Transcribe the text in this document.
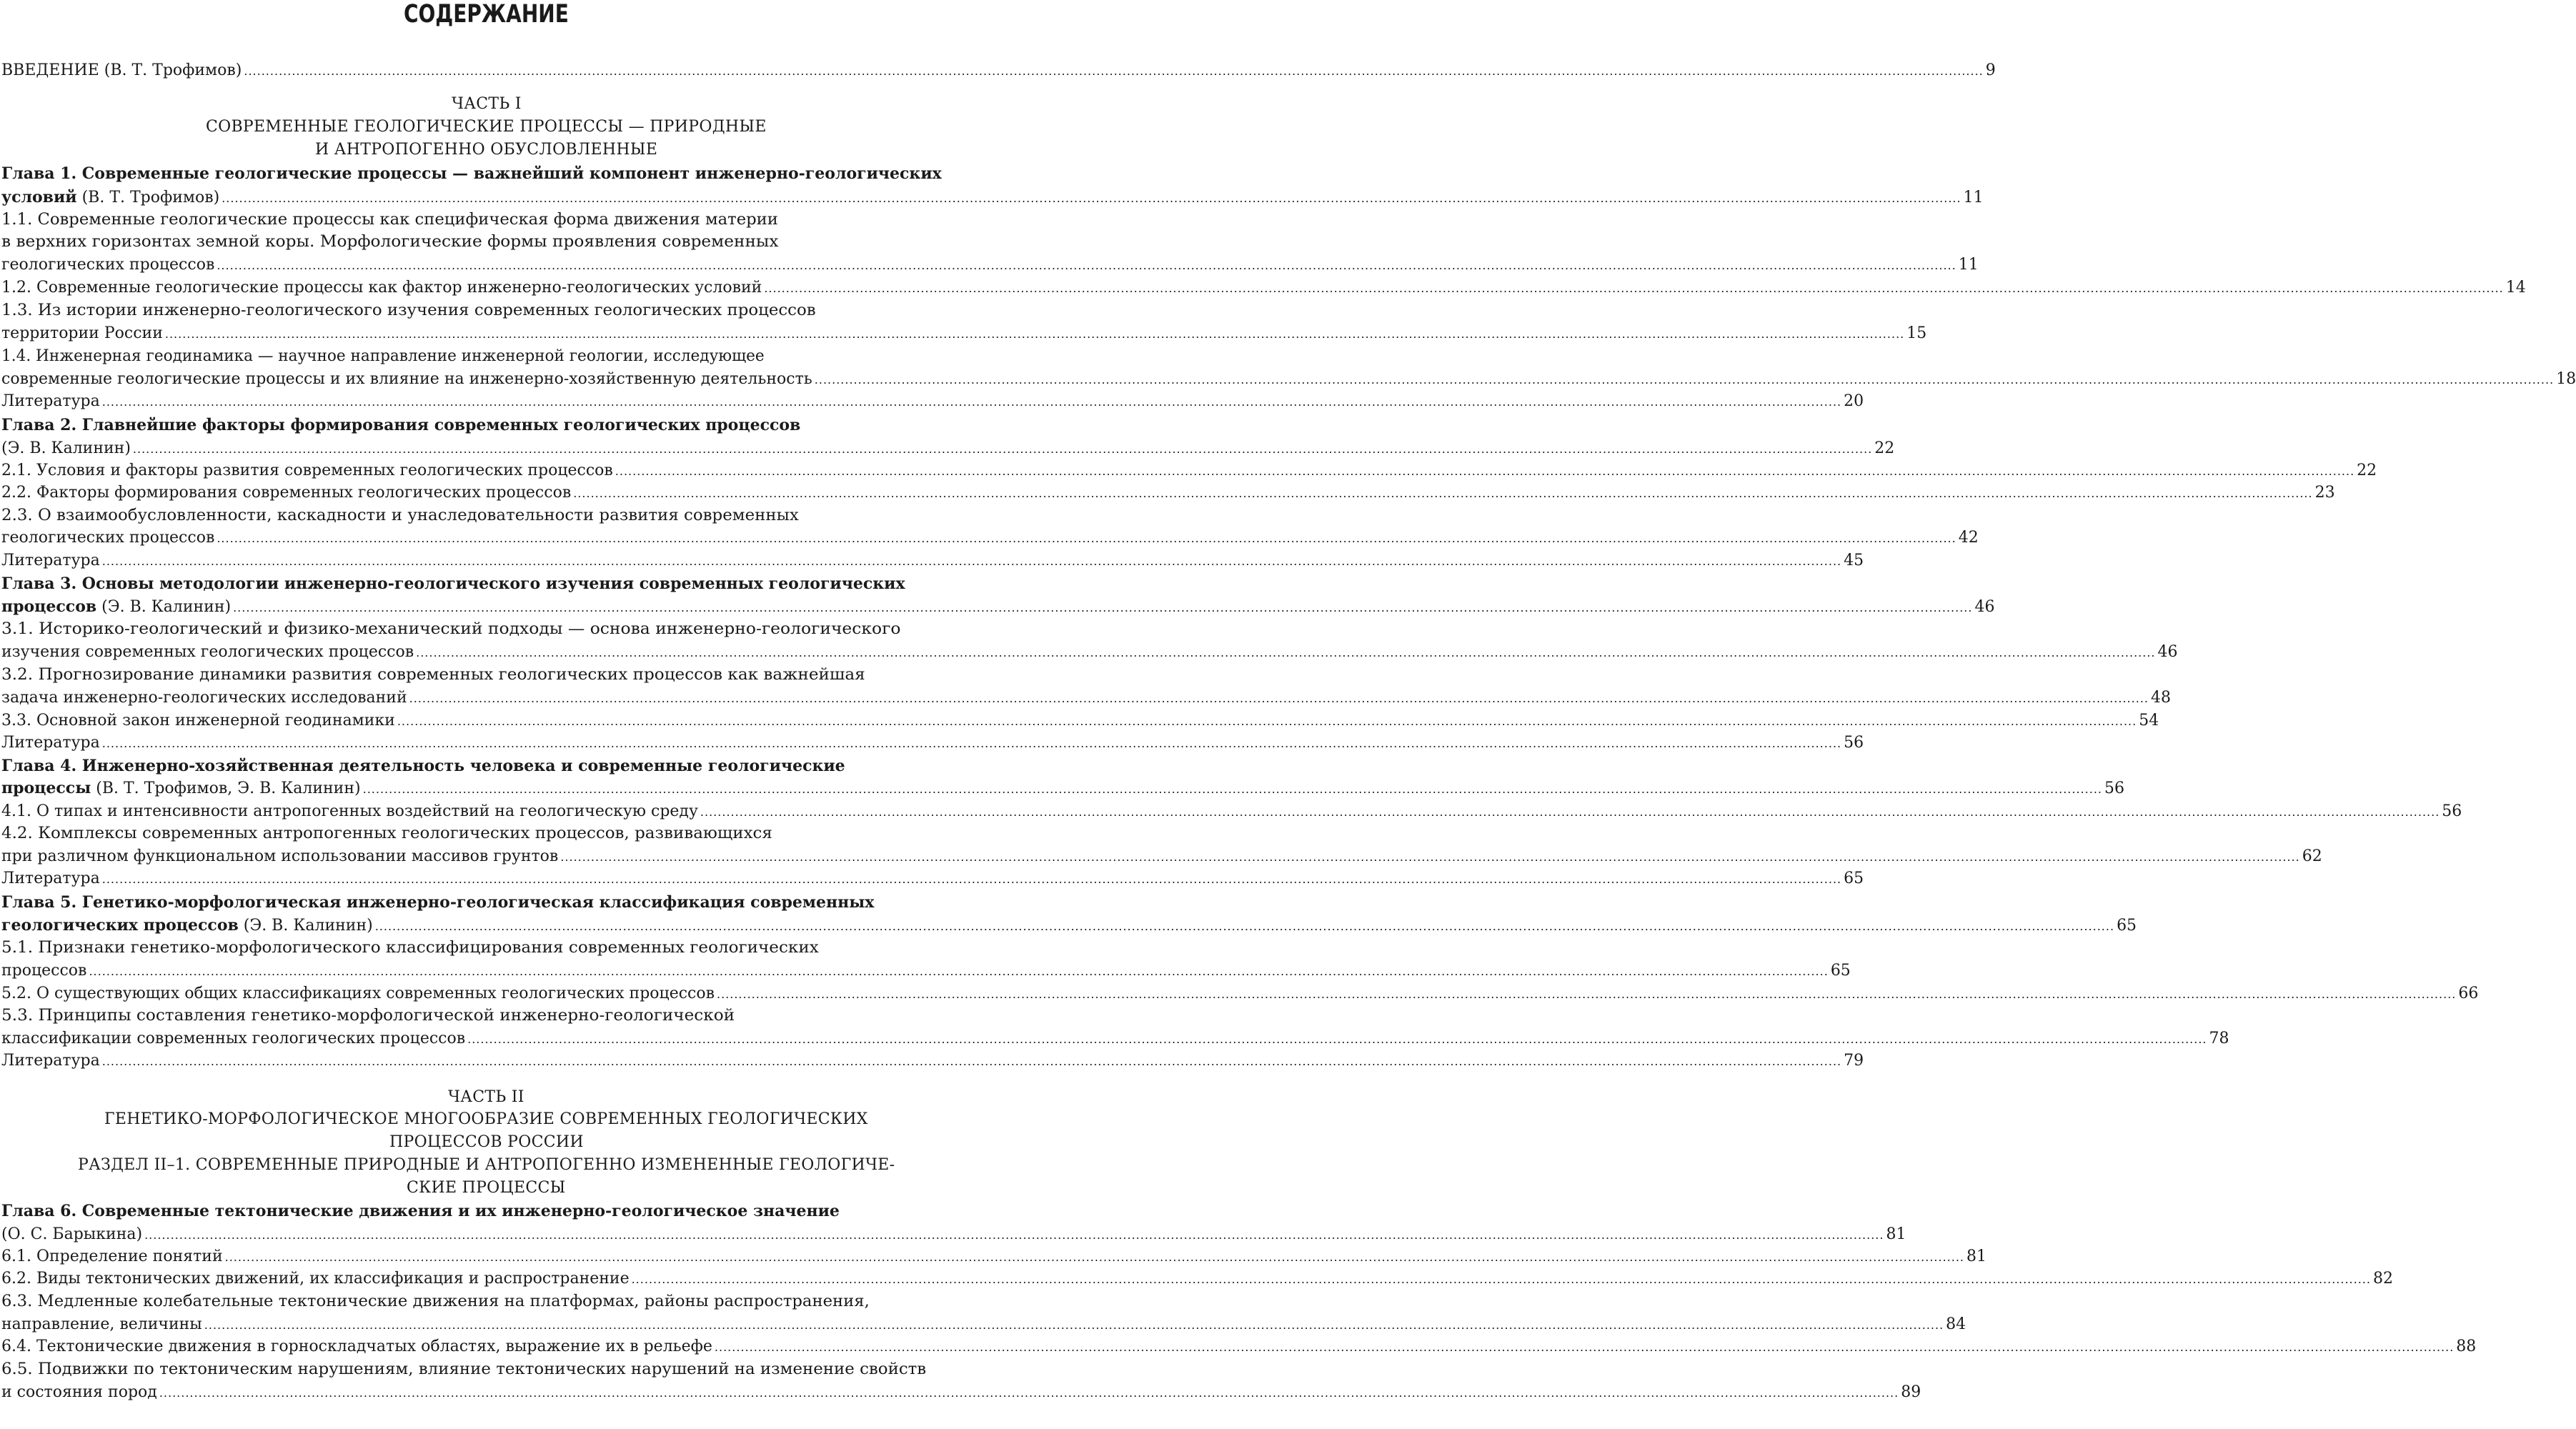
СОДЕРЖАНИЕ
ВВЕДЕНИЕ (В. Т. Трофимов) ................................................................................................................................................................................................................................................................................................................................................................................................................ 9
ЧАСТЬ I
СОВРЕМЕННЫЕ ГЕОЛОГИЧЕСКИЕ ПРОЦЕССЫ — ПРИРОДНЫЕ
И АНТРОПОГЕННО ОБУСЛОВЛЕННЫЕ
Глава 1. Современные геологические процессы — важнейший компонент инженерно-геологических
условий (В. Т. Трофимов) ................................................................................................................................................................................................................................................................................................................................................................................................................ 11
1.1. Современные геологические процессы как специфическая форма движения материи
в верхних горизонтах земной коры. Морфологические формы проявления современных
геологических процессов ................................................................................................................................................................................................................................................................................................................................................................................................................ 11
1.2. Современные геологические процессы как фактор инженерно-геологических условий ................................................................................................................................................................................................................................................................................................................................................................................................................ 14
1.3. Из истории инженерно-геологического изучения современных геологических процессов
территории России ................................................................................................................................................................................................................................................................................................................................................................................................................ 15
1.4. Инженерная геодинамика — научное направление инженерной геологии, исследующее
современные геологические процессы и их влияние на инженерно-хозяйственную деятельность ................................................................................................................................................................................................................................................................................................................................................................................................................ 18
Литература ................................................................................................................................................................................................................................................................................................................................................................................................................ 20
Глава 2. Главнейшие факторы формирования современных геологических процессов
(Э. В. Калинин) ................................................................................................................................................................................................................................................................................................................................................................................................................ 22
2.1. Условия и факторы развития современных геологических процессов ................................................................................................................................................................................................................................................................................................................................................................................................................ 22
2.2. Факторы формирования современных геологических процессов ................................................................................................................................................................................................................................................................................................................................................................................................................ 23
2.3. О взаимообусловленности, каскадности и унаследовательности развития современных
геологических процессов ................................................................................................................................................................................................................................................................................................................................................................................................................ 42
Литература ................................................................................................................................................................................................................................................................................................................................................................................................................ 45
Глава 3. Основы методологии инженерно-геологического изучения современных геологических
процессов (Э. В. Калинин) ................................................................................................................................................................................................................................................................................................................................................................................................................ 46
3.1. Историко-геологический и физико-механический подходы — основа инженерно-геологического
изучения современных геологических процессов ................................................................................................................................................................................................................................................................................................................................................................................................................ 46
3.2. Прогнозирование динамики развития современных геологических процессов как важнейшая
задача инженерно-геологических исследований ................................................................................................................................................................................................................................................................................................................................................................................................................ 48
3.3. Основной закон инженерной геодинамики ................................................................................................................................................................................................................................................................................................................................................................................................................ 54
Литература ................................................................................................................................................................................................................................................................................................................................................................................................................ 56
Глава 4. Инженерно-хозяйственная деятельность человека и современные геологические
процессы (В. Т. Трофимов, Э. В. Калинин) ................................................................................................................................................................................................................................................................................................................................................................................................................ 56
4.1. О типах и интенсивности антропогенных воздействий на геологическую среду ................................................................................................................................................................................................................................................................................................................................................................................................................ 56
4.2. Комплексы современных антропогенных геологических процессов, развивающихся
при различном функциональном использовании массивов грунтов ................................................................................................................................................................................................................................................................................................................................................................................................................ 62
Литература ................................................................................................................................................................................................................................................................................................................................................................................................................ 65
Глава 5. Генетико-морфологическая инженерно-геологическая классификация современных
геологических процессов (Э. В. Калинин) ................................................................................................................................................................................................................................................................................................................................................................................................................ 65
5.1. Признаки генетико-морфологического классифицирования современных геологических
процессов ................................................................................................................................................................................................................................................................................................................................................................................................................ 65
5.2. О существующих общих классификациях современных геологических процессов ................................................................................................................................................................................................................................................................................................................................................................................................................ 66
5.3. Принципы составления генетико-морфологической инженерно-геологической
классификации современных геологических процессов ................................................................................................................................................................................................................................................................................................................................................................................................................ 78
Литература ................................................................................................................................................................................................................................................................................................................................................................................................................ 79
ЧАСТЬ II
ГЕНЕТИКО-МОРФОЛОГИЧЕСКОЕ МНОГООБРАЗИЕ СОВРЕМЕННЫХ ГЕОЛОГИЧЕСКИХ
ПРОЦЕССОВ РОССИИ
РАЗДЕЛ II–1. СОВРЕМЕННЫЕ ПРИРОДНЫЕ И АНТРОПОГЕННО ИЗМЕНЕННЫЕ ГЕОЛОГИЧЕ-
СКИЕ ПРОЦЕССЫ
Глава 6. Современные тектонические движения и их инженерно-геологическое значение
(О. С. Барыкина) ................................................................................................................................................................................................................................................................................................................................................................................................................ 81
6.1. Определение понятий ................................................................................................................................................................................................................................................................................................................................................................................................................ 81
6.2. Виды тектонических движений, их классификация и распространение ................................................................................................................................................................................................................................................................................................................................................................................................................ 82
6.3. Медленные колебательные тектонические движения на платформах, районы распространения,
направление, величины ................................................................................................................................................................................................................................................................................................................................................................................................................ 84
6.4. Тектонические движения в горноскладчатых областях, выражение их в рельефе ................................................................................................................................................................................................................................................................................................................................................................................................................ 88
6.5. Подвижки по тектоническим нарушениям, влияние тектонических нарушений на изменение свойств
и состояния пород ................................................................................................................................................................................................................................................................................................................................................................................................................ 89
